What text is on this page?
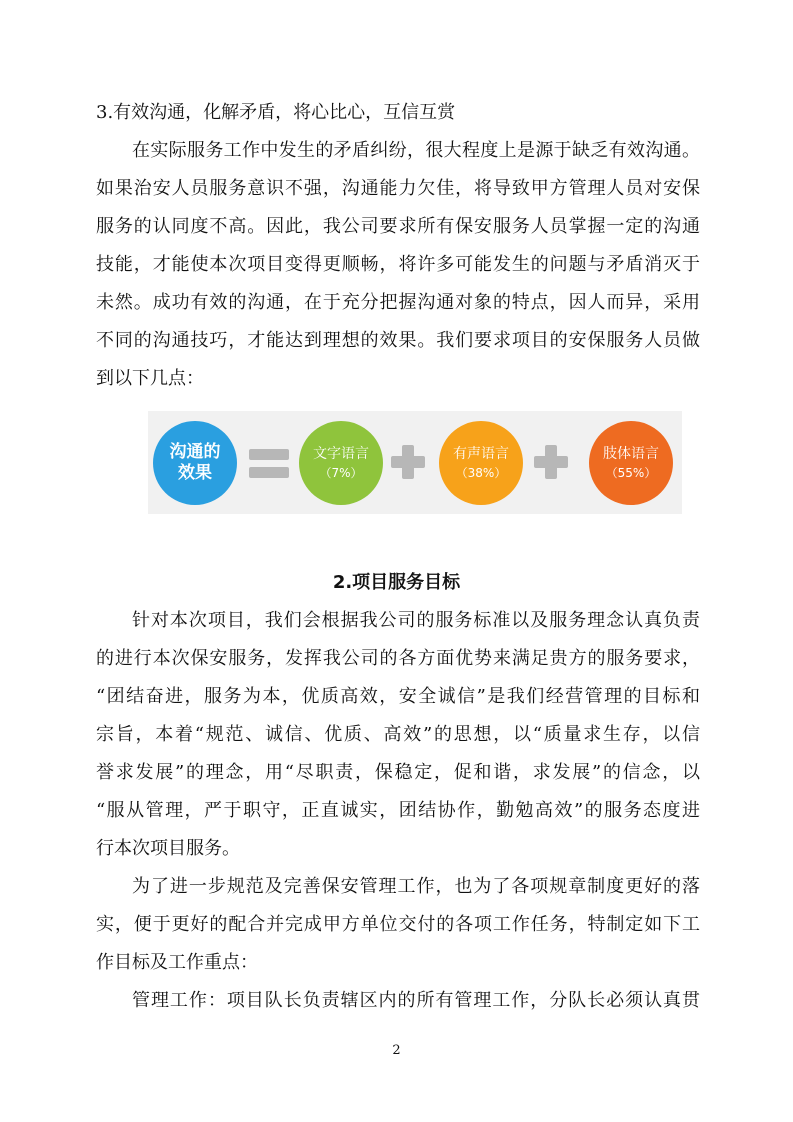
3.有效沟通，化解矛盾，将心比心，互信互赏
在实际服务工作中发生的矛盾纠纷，很大程度上是源于缺乏有效沟通。
如果治安人员服务意识不强，沟通能力欠佳，将导致甲方管理人员对安保
服务的认同度不高。因此，我公司要求所有保安服务人员掌握一定的沟通
技能，才能使本次项目变得更顺畅，将许多可能发生的问题与矛盾消灭于
未然。成功有效的沟通，在于充分把握沟通对象的特点，因人而异，采用
不同的沟通技巧，才能达到理想的效果。我们要求项目的安保服务人员做
到以下几点：
沟通的
效果
文字语言
（7%）
有声语言
（38%）
肢体语言
（55%）
2.项目服务目标
针对本次项目，我们会根据我公司的服务标准以及服务理念认真负责
的进行本次保安服务，发挥我公司的各方面优势来满足贵方的服务要求，
“团结奋进，服务为本，优质高效，安全诚信”是我们经营管理的目标和
宗旨，本着“规范、诚信、优质、高效”的思想，以“质量求生存，以信
誉求发展”的理念，用“尽职责，保稳定，促和谐，求发展”的信念，以
“服从管理，严于职守，正直诚实，团结协作，勤勉高效”的服务态度进
行本次项目服务。
为了进一步规范及完善保安管理工作，也为了各项规章制度更好的落
实，便于更好的配合并完成甲方单位交付的各项工作任务，特制定如下工
作目标及工作重点：
管理工作：项目队长负责辖区内的所有管理工作，分队长必须认真贯
2
